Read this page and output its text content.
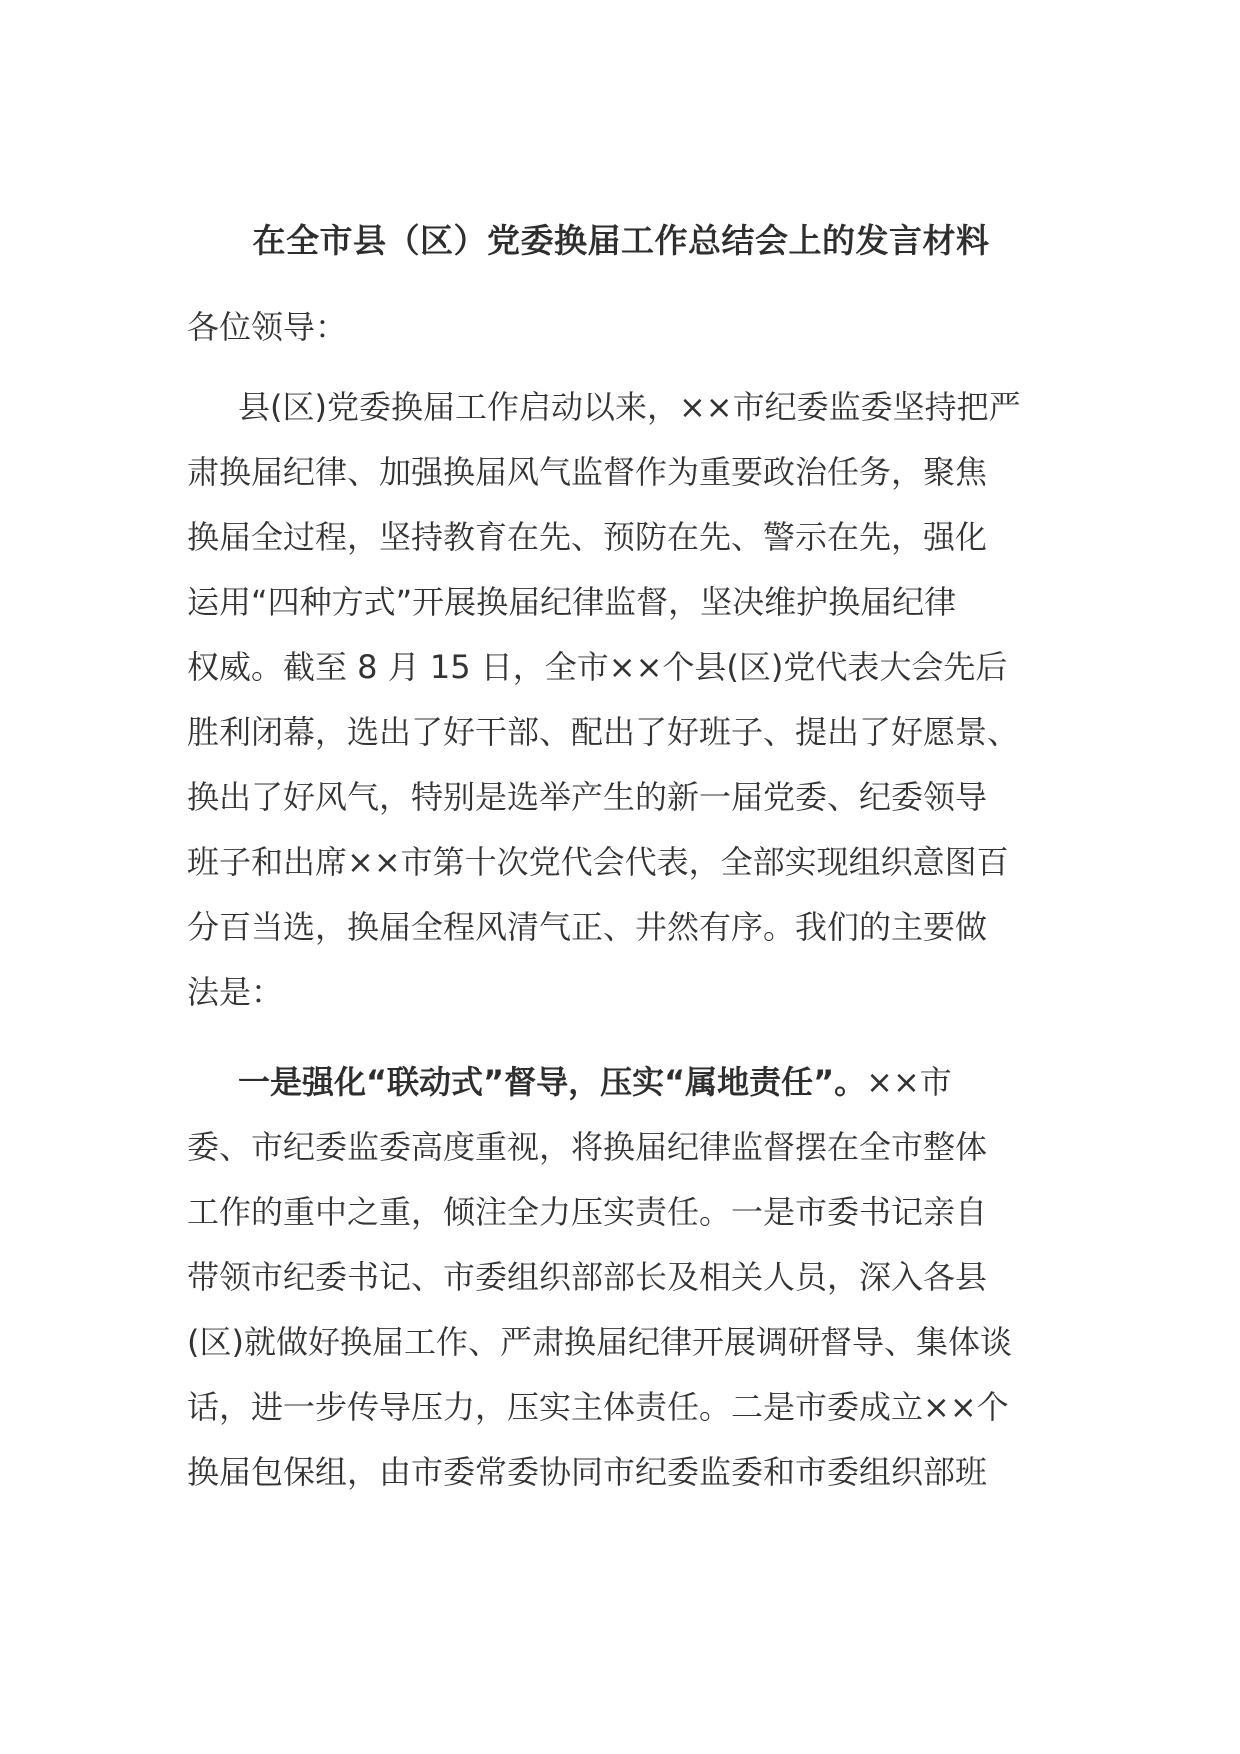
在全市县（区）党委换届工作总结会上的发言材料
各位领导：
县(区)党委换届工作启动以来，××市纪委监委坚持把严
肃换届纪律、加强换届风气监督作为重要政治任务，聚焦
换届全过程，坚持教育在先、预防在先、警示在先，强化
运用“四种方式”开展换届纪律监督，坚决维护换届纪律
权威。截至 8 月 15 日，全市××个县(区)党代表大会先后
胜利闭幕，选出了好干部、配出了好班子、提出了好愿景、
换出了好风气，特别是选举产生的新一届党委、纪委领导
班子和出席××市第十次党代会代表，全部实现组织意图百
分百当选，换届全程风清气正、井然有序。我们的主要做
法是：
一是强化“联动式”督导，压实“属地责任”。××市
委、市纪委监委高度重视，将换届纪律监督摆在全市整体
工作的重中之重，倾注全力压实责任。一是市委书记亲自
带领市纪委书记、市委组织部部长及相关人员，深入各县
(区)就做好换届工作、严肃换届纪律开展调研督导、集体谈
话，进一步传导压力，压实主体责任。二是市委成立××个
换届包保组，由市委常委协同市纪委监委和市委组织部班
